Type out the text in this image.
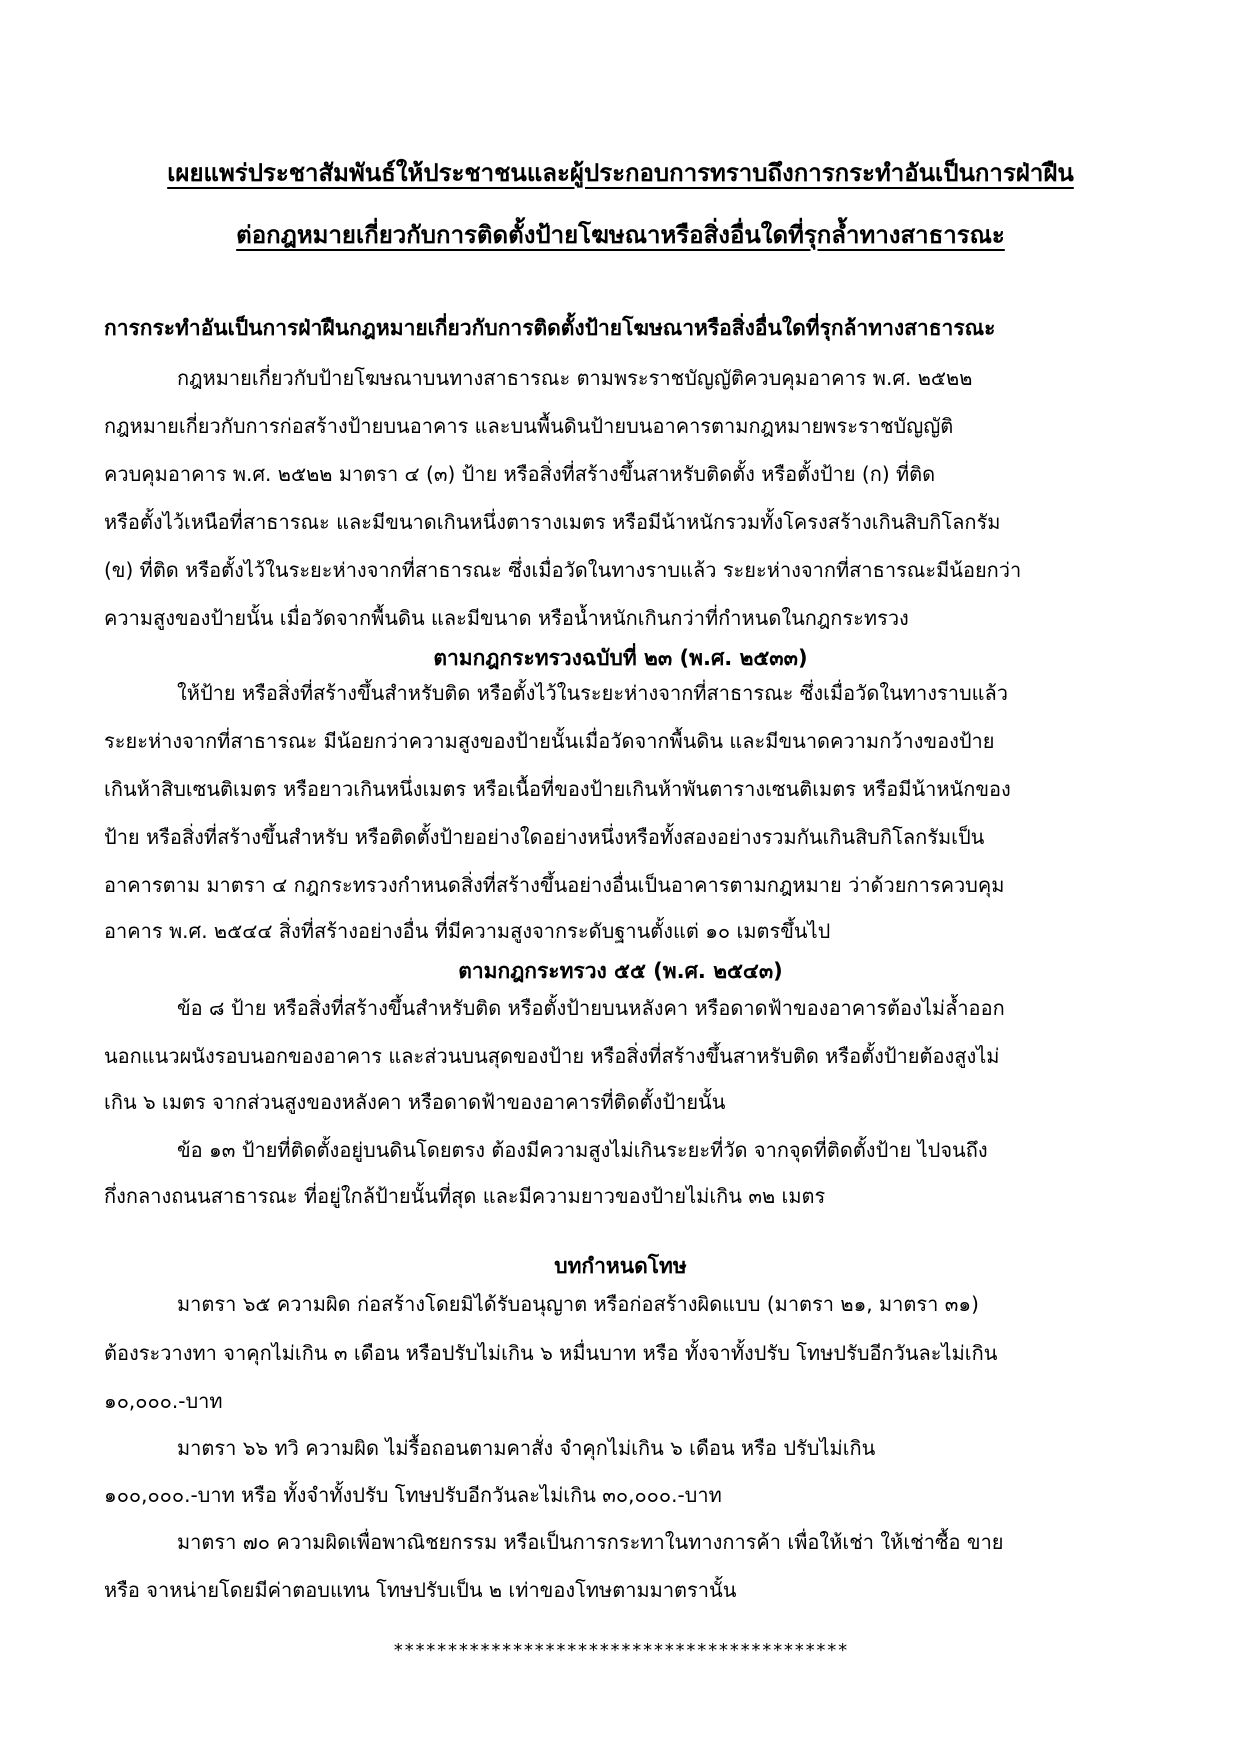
เผยแพร่ประชาสัมพันธ์ให้ประชาชนและผู้ประกอบการทราบถึงการกระทำอันเป็นการฝ่าฝืน
ต่อกฎหมายเกี่ยวกับการติดตั้งป้ายโฆษณาหรือสิ่งอื่นใดที่รุกล้ำทางสาธารณะ
การกระทำอันเป็นการฝ่าฝืนกฎหมายเกี่ยวกับการติดตั้งป้ายโฆษณาหรือสิ่งอื่นใดที่รุกล้าทางสาธารณะ
กฎหมายเกี่ยวกับป้ายโฆษณาบนทางสาธารณะ ตามพระราชบัญญัติควบคุมอาคาร พ.ศ. ๒๕๒๒
กฎหมายเกี่ยวกับการก่อสร้างป้ายบนอาคาร และบนพื้นดินป้ายบนอาคารตามกฎหมายพระราชบัญญัติ
ควบคุมอาคาร พ.ศ. ๒๕๒๒ มาตรา ๔ (๓) ป้าย หรือสิ่งที่สร้างขึ้นสาหรับติดตั้ง หรือตั้งป้าย (ก) ที่ติด
หรือตั้งไว้เหนือที่สาธารณะ และมีขนาดเกินหนึ่งตารางเมตร หรือมีน้าหนักรวมทั้งโครงสร้างเกินสิบกิโลกรัม
(ข) ที่ติด หรือตั้งไว้ในระยะห่างจากที่สาธารณะ ซึ่งเมื่อวัดในทางราบแล้ว ระยะห่างจากที่สาธารณะมีน้อยกว่า
ความสูงของป้ายนั้น เมื่อวัดจากพื้นดิน และมีขนาด หรือน้ำหนักเกินกว่าที่กำหนดในกฎกระทรวง
ตามกฎกระทรวงฉบับที่ ๒๓ (พ.ศ. ๒๕๓๓)
ให้ป้าย หรือสิ่งที่สร้างขึ้นสำหรับติด หรือตั้งไว้ในระยะห่างจากที่สาธารณะ ซึ่งเมื่อวัดในทางราบแล้ว
ระยะห่างจากที่สาธารณะ มีน้อยกว่าความสูงของป้ายนั้นเมื่อวัดจากพื้นดิน และมีขนาดความกว้างของป้าย
เกินห้าสิบเซนติเมตร หรือยาวเกินหนึ่งเมตร หรือเนื้อที่ของป้ายเกินห้าพันตารางเซนติเมตร หรือมีน้าหนักของ
ป้าย หรือสิ่งที่สร้างขึ้นสำหรับ หรือติดตั้งป้ายอย่างใดอย่างหนึ่งหรือทั้งสองอย่างรวมกันเกินสิบกิโลกรัมเป็น
อาคารตาม มาตรา ๔ กฎกระทรวงกำหนดสิ่งที่สร้างขึ้นอย่างอื่นเป็นอาคารตามกฎหมาย ว่าด้วยการควบคุม
อาคาร พ.ศ. ๒๕๔๔ สิ่งที่สร้างอย่างอื่น ที่มีความสูงจากระดับฐานตั้งแต่ ๑๐ เมตรขึ้นไป
ตามกฎกระทรวง ๕๕ (พ.ศ. ๒๕๔๓)
ข้อ ๘ ป้าย หรือสิ่งที่สร้างขึ้นสำหรับติด หรือตั้งป้ายบนหลังคา หรือดาดฟ้าของอาคารต้องไม่ล้ำออก
นอกแนวผนังรอบนอกของอาคาร และส่วนบนสุดของป้าย หรือสิ่งที่สร้างขึ้นสาหรับติด หรือตั้งป้ายต้องสูงไม่
เกิน ๖ เมตร จากส่วนสูงของหลังคา หรือดาดฟ้าของอาคารที่ติดตั้งป้ายนั้น
ข้อ ๑๓ ป้ายที่ติดตั้งอยู่บนดินโดยตรง ต้องมีความสูงไม่เกินระยะที่วัด จากจุดที่ติดตั้งป้าย ไปจนถึง
กึ่งกลางถนนสาธารณะ ที่อยู่ใกล้ป้ายนั้นที่สุด และมีความยาวของป้ายไม่เกิน ๓๒ เมตร
บทกำหนดโทษ
มาตรา ๖๕ ความผิด ก่อสร้างโดยมิได้รับอนุญาต หรือก่อสร้างผิดแบบ (มาตรา ๒๑, มาตรา ๓๑)
ต้องระวางทา จาคุกไม่เกิน ๓ เดือน หรือปรับไม่เกิน ๖ หมื่นบาท หรือ ทั้งจาทั้งปรับ โทษปรับอีกวันละไม่เกิน
๑๐,๐๐๐.-บาท
มาตรา ๖๖ ทวิ ความผิด ไม่รื้อถอนตามคาสั่ง จำคุกไม่เกิน ๖ เดือน หรือ ปรับไม่เกิน
๑๐๐,๐๐๐.-บาท หรือ ทั้งจำทั้งปรับ โทษปรับอีกวันละไม่เกิน ๓๐,๐๐๐.-บาท
มาตรา ๗๐ ความผิดเพื่อพาณิชยกรรม หรือเป็นการกระทาในทางการค้า เพื่อให้เช่า ให้เช่าซื้อ ขาย
หรือ จาหน่ายโดยมีค่าตอบแทน โทษปรับเป็น ๒ เท่าของโทษตามมาตรานั้น
******************************************
